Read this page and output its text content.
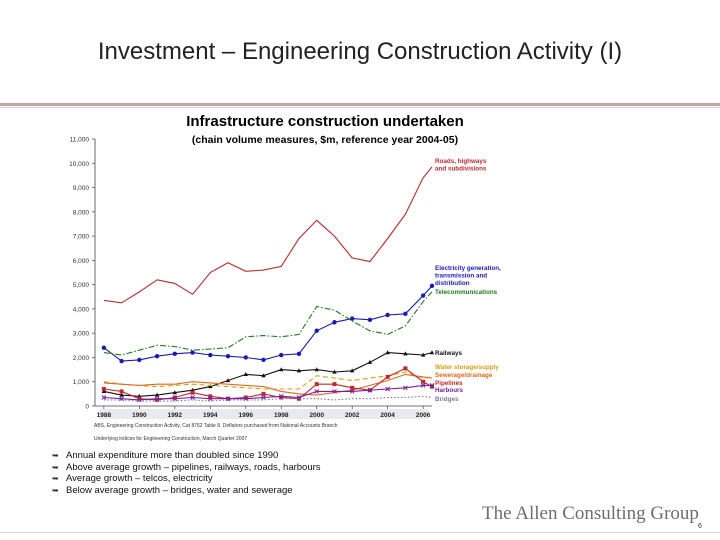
Investment – Engineering Construction Activity (I)
Infrastructure construction undertaken
(chain volume measures, $m, reference year 2004-05)
0
1,000
2,000
3,000
4,000
5,000
6,000
7,000
8,000
9,000
10,000
11,000
1988	1990	1992	1994	1996	1998	2000	2002	2004	2006
Roads, highways
and subdivisions
Electricity generation,
transmission and
distribution
Telecommunications
Railways
Water storage/supply
Sewerage/drainage
Pipelines
Harbours
Bridges
ABS, Engineering Construction Activity, Cat 8762 Table 8. Deflators purchased from National Accounts Branch
Underlying indices for Engineering Construction, March Quarter 2007
➥ Annual expenditure more than doubled since 1990
➥ Above average growth – pipelines, railways, roads, harbours
➥ Average growth – telcos, electricity
➥ Below average growth – bridges, water and sewerage
The Allen Consulting Group
6
